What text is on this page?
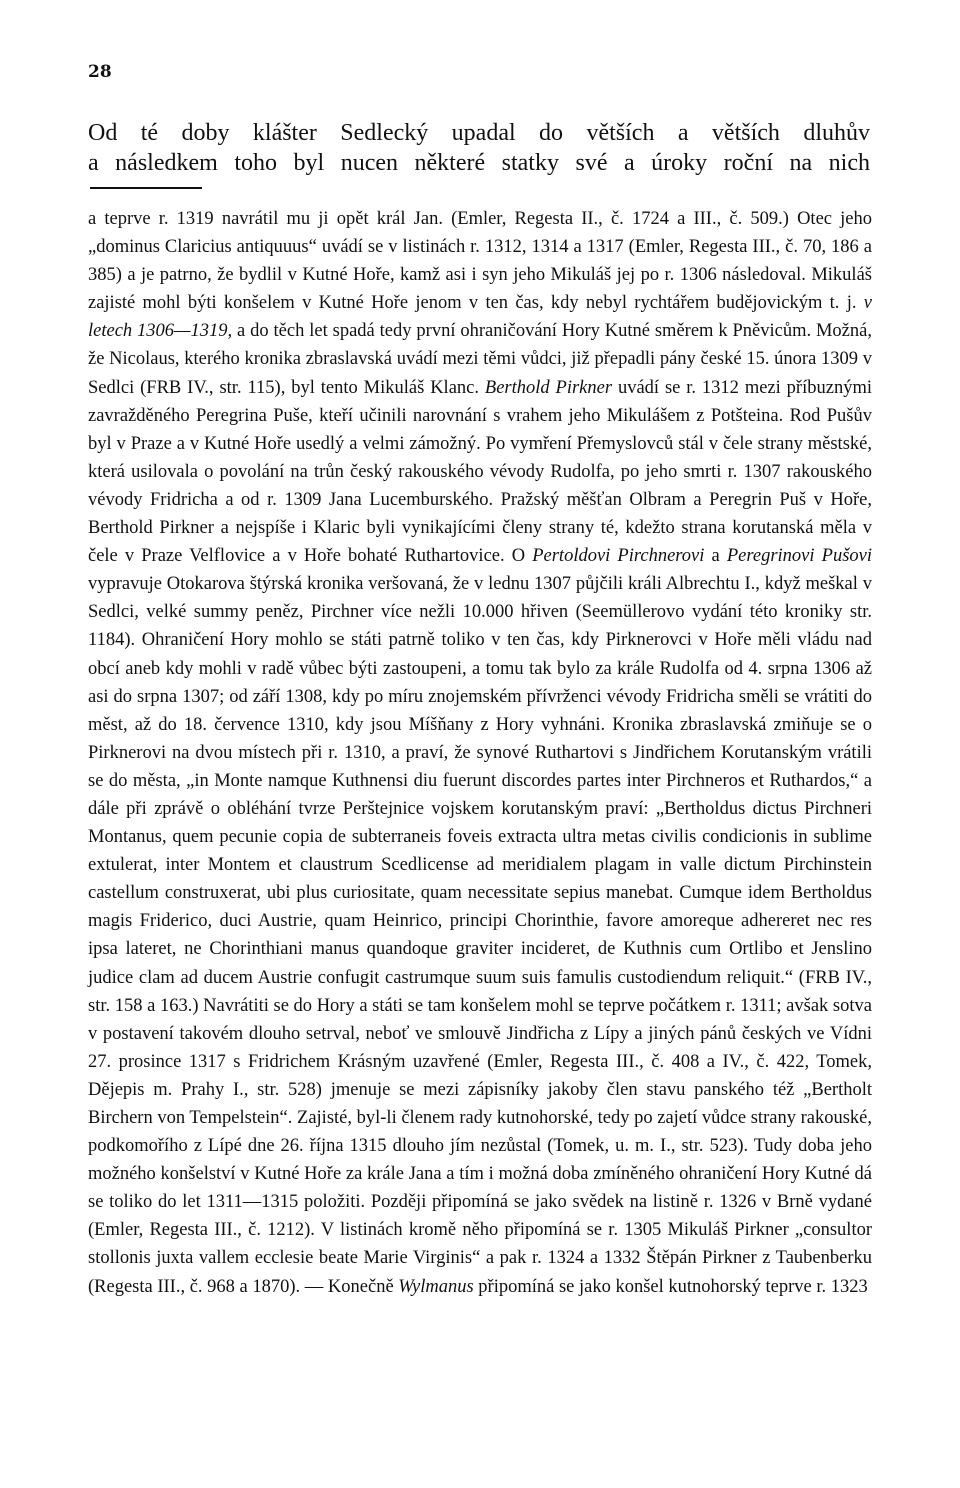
28
Od té doby klášter Sedlecký upadal do větších a větších dluhův
a následkem toho byl nucen některé statky své a úroky roční na nich
a teprve r. 1319 navrátil mu ji opět král Jan. (Emler, Regesta II., č. 1724 a III., č. 509.) Otec jeho „dominus Claricius antiquuus“ uvádí se v listinách r. 1312, 1314 a 1317 (Emler, Regesta III., č. 70, 186 a 385) a je patrno, že bydlil v Kutné Hoře, kamž asi i syn jeho Mikuláš jej po r. 1306 následoval. Mikuláš zajisté mohl býti konšelem v Kutné Hoře jenom v ten čas, kdy nebyl rychtářem budějovickým t. j. v letech 1306—1319, a do těch let spadá tedy první ohraničování Hory Kutné směrem k Pněvicům. Možná, že Nicolaus, kterého kronika zbraslavská uvádí mezi těmi vůdci, již přepadli pány české 15. února 1309 v Sedlci (FRB IV., str. 115), byl tento Mikuláš Klanc. Berthold Pirkner uvádí se r. 1312 mezi příbuznými zavražděného Peregrina Puše, kteří učinili narovnání s vrahem jeho Mikulášem z Potšteina. Rod Pušův byl v Praze a v Kutné Hoře usedlý a velmi zámožný. Po vymření Přemyslovců stál v čele strany městské, která usilovala o povolání na trůn český rakouského vévody Rudolfa, po jeho smrti r. 1307 rakouského vévody Fridricha a od r. 1309 Jana Lucemburského. Pražský měšťan Olbram a Peregrin Puš v Hoře, Berthold Pirkner a nejspíše i Klaric byli vynikajícími členy strany té, kdežto strana korutanská měla v čele v Praze Velflovice a v Hoře bohaté Ruthartovice. O Pertoldovi Pirchnerovi a Peregrinovi Pušovi vypravuje Otokarova štýrská kronika veršovaná, že v lednu 1307 půjčili králi Albrechtu I., když meškal v Sedlci, velké summy peněz, Pirchner více nežli 10.000 hřiven (Seemüllerovo vydání této kroniky str. 1184). Ohraničení Hory mohlo se státi patrně toliko v ten čas, kdy Pirknerovci v Hoře měli vládu nad obcí aneb kdy mohli v radě vůbec býti zastoupeni, a tomu tak bylo za krále Rudolfa od 4. srpna 1306 až asi do srpna 1307; od září 1308, kdy po míru znojemském přívrženci vévody Fridricha směli se vrátiti do měst, až do 18. července 1310, kdy jsou Míšňany z Hory vyhnáni. Kronika zbraslavská zmiňuje se o Pirknerovi na dvou místech při r. 1310, a praví, že synové Ruthartovi s Jindřichem Korutanským vrátili se do města, „in Monte namque Kuthnensi diu fuerunt discordes partes inter Pirchneros et Ruthardos,“ a dále při zprávě o obléhání tvrze Perštejnice vojskem korutanským praví: „Bertholdus dictus Pirchneri Montanus, quem pecunie copia de subterraneis foveis extracta ultra metas civilis condicionis in sublime extulerat, inter Montem et claustrum Scedlicense ad meridialem plagam in valle dictum Pirchinstein castellum construxerat, ubi plus curiositate, quam necessitate sepius manebat. Cumque idem Bertholdus magis Friderico, duci Austrie, quam Heinrico, principi Chorinthie, favore amoreque adhereret nec res ipsa lateret, ne Chorinthiani manus quandoque graviter incideret, de Kuthnis cum Ortlibo et Jenslino judice clam ad ducem Austrie confugit castrumque suum suis famulis custodiendum reliquit.“ (FRB IV., str. 158 a 163.) Navrátiti se do Hory a státi se tam konšelem mohl se teprve počátkem r. 1311; avšak sotva v postavení takovém dlouho setrval, neboť ve smlouvě Jindřicha z Lípy a jiných pánů českých ve Vídni 27. prosince 1317 s Fridrichem Krásným uzavřené (Emler, Regesta III., č. 408 a IV., č. 422, Tomek, Dějepis m. Prahy I., str. 528) jmenuje se mezi zápisníky jakoby člen stavu panského též „Bertholt Birchern von Tempelstein“. Zajisté, byl-li členem rady kutnohorské, tedy po zajetí vůdce strany rakouské, podkomořího z Lípé dne 26. října 1315 dlouho jím nezůstal (Tomek, u. m. I., str. 523). Tudy doba jeho možného konšelství v Kutné Hoře za krále Jana a tím i možná doba zmíněného ohraničení Hory Kutné dá se toliko do let 1311—1315 položiti. Později připomíná se jako svědek na listině r. 1326 v Brně vydané (Emler, Regesta III., č. 1212). V listinách kromě něho připomíná se r. 1305 Mikuláš Pirkner „consultor stollonis juxta vallem ecclesie beate Marie Virginis“ a pak r. 1324 a 1332 Štěpán Pirkner z Taubenberku (Regesta III., č. 968 a 1870). — Konečně Wylmanus připomíná se jako konšel kutnohorský teprve r. 1323
